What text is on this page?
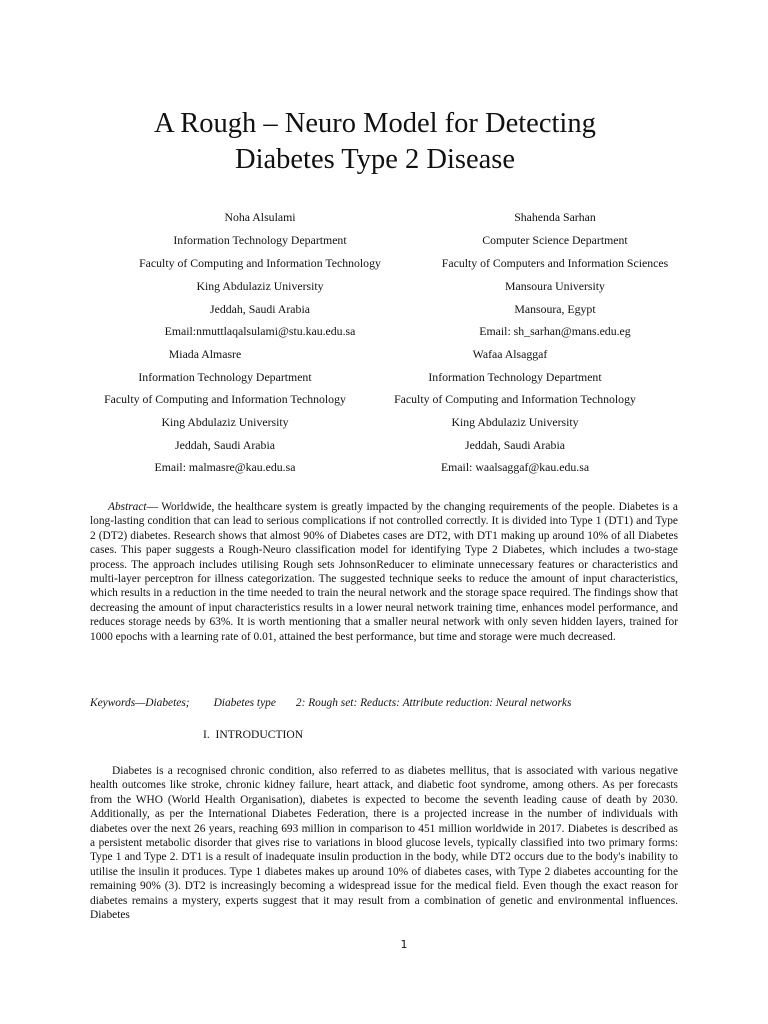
A Rough – Neuro Model for Detecting
Diabetes Type 2 Disease
Noha Alsulami
Information Technology Department
Faculty of Computing and Information Technology
King Abdulaziz University
Jeddah, Saudi Arabia
Email:nmuttlaqalsulami@stu.kau.edu.sa
Shahenda Sarhan
Computer Science Department
Faculty of Computers and Information Sciences
Mansoura University
Mansoura, Egypt
Email: sh_sarhan@mans.edu.eg
Miada Almasre
Information Technology Department
Faculty of Computing and Information Technology
King Abdulaziz University
Jeddah, Saudi Arabia
Email: malmasre@kau.edu.sa
Wafaa Alsaggaf
Information Technology Department
Faculty of Computing and Information Technology
King Abdulaziz University
Jeddah, Saudi Arabia
Email: waalsaggaf@kau.edu.sa

Abstract— Worldwide, the healthcare system is greatly impacted by the changing requirements of the people. Diabetes is a long-lasting condition that can lead to serious complications if not controlled correctly. It is divided into Type 1 (DT1) and Type 2 (DT2) diabetes. Research shows that almost 90% of Diabetes cases are DT2, with DT1 making up around 10% of all Diabetes cases. This paper suggests a Rough-Neuro classification model for identifying Type 2 Diabetes, which includes a two-stage process. The approach includes utilising Rough sets JohnsonReducer to eliminate unnecessary features or characteristics and multi-layer perceptron for illness categorization. The suggested technique seeks to reduce the amount of input characteristics, which results in a reduction in the time needed to train the neural network and the storage space required. The findings show that decreasing the amount of input characteristics results in a lower neural network training time, enhances model performance, and reduces storage needs by 63%. It is worth mentioning that a smaller neural network with only seven hidden layers, trained for 1000 epochs with a learning rate of 0.01, attained the best performance, but time and storage were much decreased.

Keywords—Diabetes; Diabetes type 2: Rough set: Reducts: Attribute reduction: Neural networks
I.  INTRODUCTION

Diabetes is a recognised chronic condition, also referred to as diabetes mellitus, that is associated with various negative health outcomes like stroke, chronic kidney failure, heart attack, and diabetic foot syndrome, among others. As per forecasts from the WHO (World Health Organisation), diabetes is expected to become the seventh leading cause of death by 2030. Additionally, as per the International Diabetes Federation, there is a projected increase in the number of individuals with diabetes over the next 26 years, reaching 693 million in comparison to 451 million worldwide in 2017. Diabetes is described as a persistent metabolic disorder that gives rise to variations in blood glucose levels, typically classified into two primary forms: Type 1 and Type 2. DT1 is a result of inadequate insulin production in the body, while DT2 occurs due to the body's inability to utilise the insulin it produces. Type 1 diabetes makes up around 10% of diabetes cases, with Type 2 diabetes accounting for the remaining 90% (3). DT2 is increasingly becoming a widespread issue for the medical field. Even though the exact reason for diabetes remains a mystery, experts suggest that it may result from a combination of genetic and environmental influences. Diabetes

1
